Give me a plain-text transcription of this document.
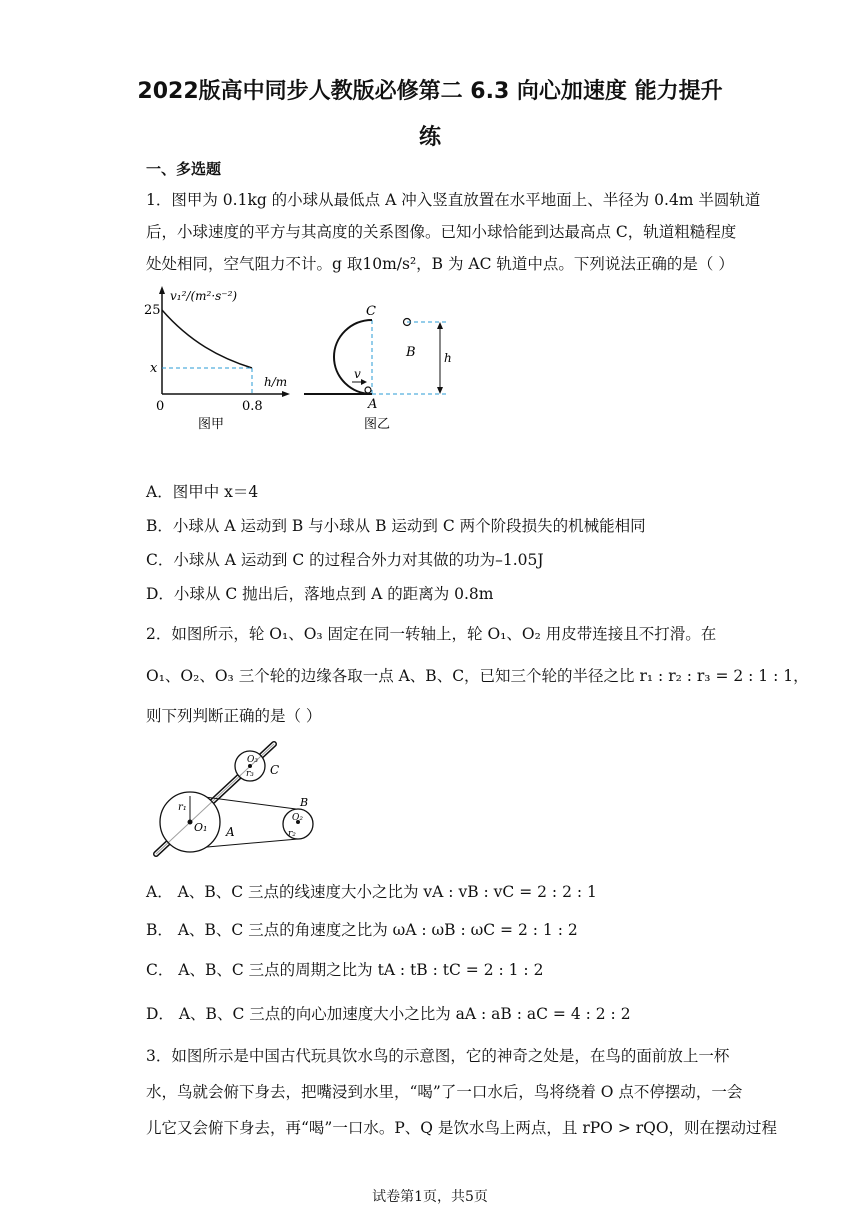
2022版高中同步人教版必修第二 6.3 向心加速度 能力提升
练
一、多选题
1．图甲为 0.1kg 的小球从最低点 A 冲入竖直放置在水平地面上、半径为 0.4m 半圆轨道
后，小球速度的平方与其高度的关系图像。已知小球恰能到达最高点 C，轨道粗糙程度
处处相同，空气阻力不计。g 取10m/s²，B 为 AC 轨道中点。下列说法正确的是（ ）
v₁²/(m²·s⁻²)
25
x
0	0.8
h/m
图甲
C
B
A
v
h
图乙
A．图甲中 x＝4
B．小球从 A 运动到 B 与小球从 B 运动到 C 两个阶段损失的机械能相同
C．小球从 A 运动到 C 的过程合外力对其做的功为–1.05J
D．小球从 C 抛出后，落地点到 A 的距离为 0.8m
2．如图所示，轮 O₁、O₃ 固定在同一转轴上，轮 O₁、O₂ 用皮带连接且不打滑。在
O₁、O₂、O₃ 三个轮的边缘各取一点 A、B、C，已知三个轮的半径之比 r₁ : r₂ : r₃ = 2 : 1 : 1，
则下列判断正确的是（ ）
O₁
r₁
A
O₂
r₂
B
O₃
r₃ C
A． A、B、C 三点的线速度大小之比为 vA : vB : vC = 2 : 2 : 1
B． A、B、C 三点的角速度之比为 ωA : ωB : ωC = 2 : 1 : 2
C． A、B、C 三点的周期之比为 tA : tB : tC = 2 : 1 : 2
D． A、B、C 三点的向心加速度大小之比为 aA : aB : aC = 4 : 2 : 2
3．如图所示是中国古代玩具饮水鸟的示意图，它的神奇之处是，在鸟的面前放上一杯
水，鸟就会俯下身去，把嘴浸到水里，“喝”了一口水后，鸟将绕着 O 点不停摆动，一会
儿它又会俯下身去，再“喝”一口水。P、Q 是饮水鸟上两点，且 rPO > rQO，则在摆动过程
试卷第1页，共5页
